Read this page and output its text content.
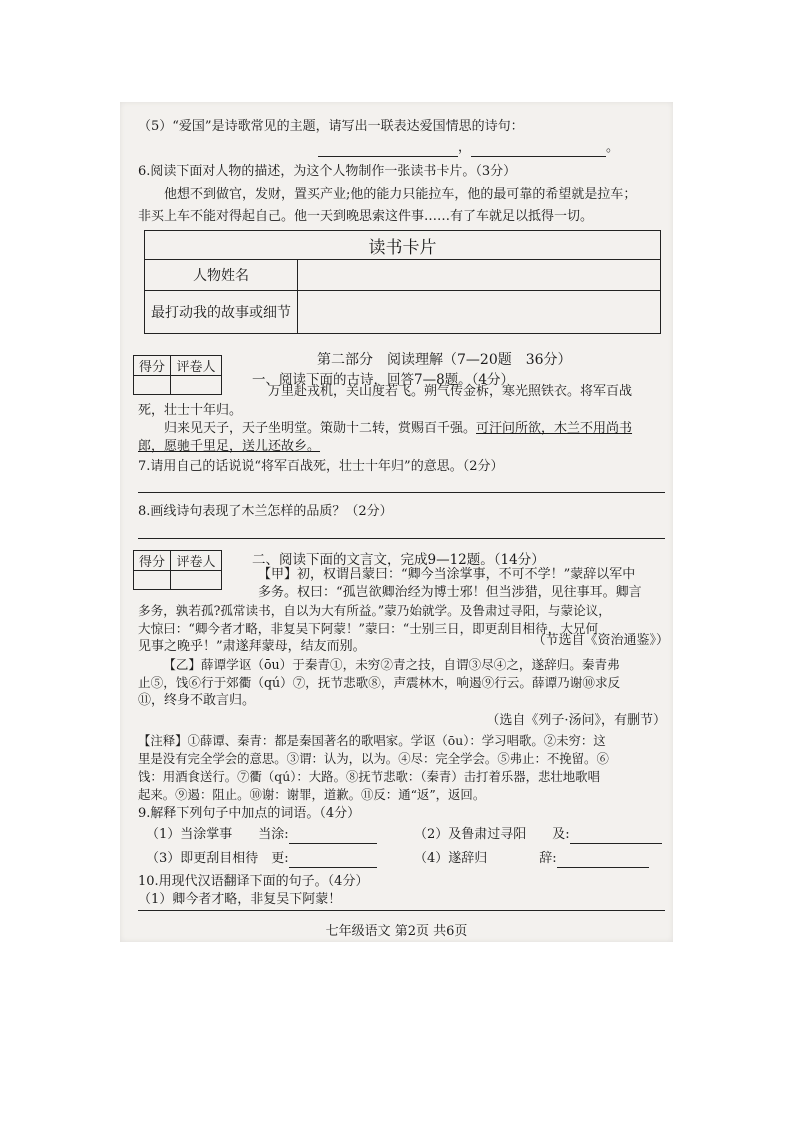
（5）“爱国”是诗歌常见的主题，请写出一联表达爱国情思的诗句：
，	。
6.阅读下面对人物的描述，为这个人物制作一张读书卡片。（3分）
他想不到做官，发财，置买产业;他的能力只能拉车，他的最可靠的希望就是拉车；
非买上车不能对得起自己。他一天到晚思索这件事……有了车就足以抵得一切。
读书卡片	
人物姓名	
最打动我的故事或细节	
得分	评卷人
		第二部分　阅读理解（7—20题　36分）
一、阅读下面的古诗，回答7—8题。（4分）
万里赴戎机，关山度若飞。朔气传金柝，寒光照铁衣。将军百战
死，壮士十年归。
归来见天子，天子坐明堂。策勋十二转，赏赐百千强。可汗问所欲，木兰不用尚书
郎，愿驰千里足，送儿还故乡。
7.请用自己的话说说“将军百战死，壮士十年归”的意思。（2分）
8.画线诗句表现了木兰怎样的品质？（2分）
得分	评卷人
		二、阅读下面的文言文，完成9—12题。（14分）
【甲】初，权谓吕蒙曰：“卿今当涂掌事，不可不学！”蒙辞以军中
多务。权曰：“孤岂欲卿治经为博士邪！但当涉猎，见往事耳。卿言
多务，孰若孤?孤常读书，自以为大有所益。”蒙乃始就学。及鲁肃过寻阳，与蒙论议，
大惊曰：“卿今者才略，非复吴下阿蒙！”蒙曰：“士别三日，即更刮目相待，大兄何
见事之晚乎！”肃遂拜蒙母，结友而别。	（节选自《资治通鉴》）
【乙】薛谭学讴（ōu）于秦青①，未穷②青之技，自谓③尽④之，遂辞归。秦青弗
止⑤，饯⑥行于郊衢（qú）⑦，抚节悲歌⑧，声震林木，响遏⑨行云。薛谭乃谢⑩求反
⑪，终身不敢言归。
（选自《列子·汤问》，有删节）
【注释】①薛谭、秦青：都是秦国著名的歌唱家。学讴（ōu）：学习唱歌。②未穷：这
里是没有完全学会的意思。③谓：认为，以为。④尽：完全学会。⑤弗止：不挽留。⑥
饯：用酒食送行。⑦衢（qú）：大路。⑧抚节悲歌：（秦青）击打着乐器，悲壮地歌唱
起来。⑨遏：阻止。⑩谢：谢罪，道歉。⑪反：通“返”，返回。
9.解释下列句子中加点的词语。（4分）
（1）当涂掌事　　当涂:	（2）及鲁肃过寻阳　　及:
（3）即更刮目相待　更:	（4）遂辞归　　　　辞:
10.用现代汉语翻译下面的句子。（4分）
（1）卿今者才略，非复吴下阿蒙！
七年级语文 第2页 共6页
